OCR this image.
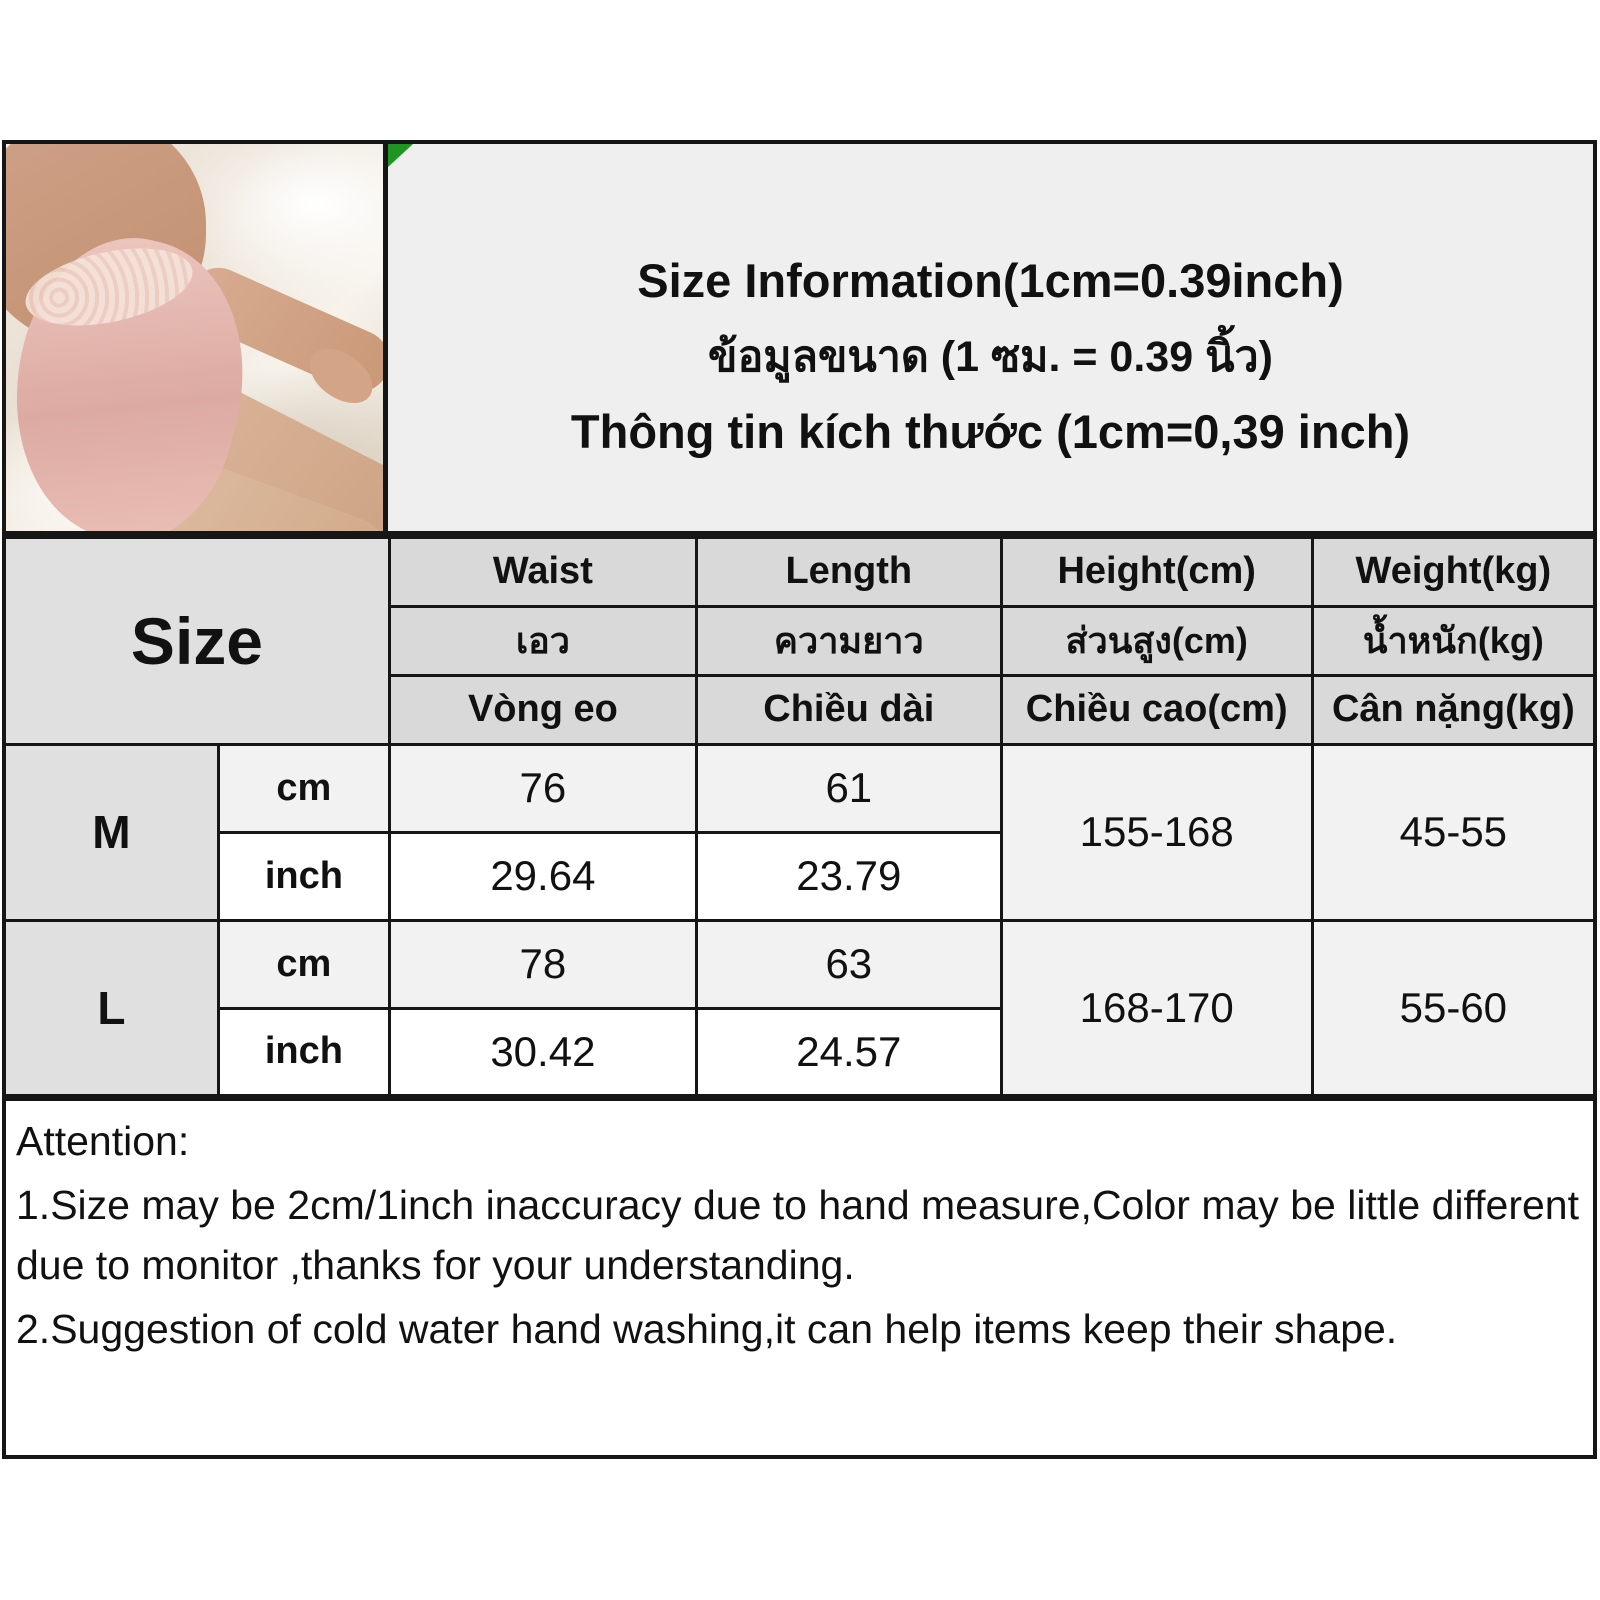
Size Information(1cm=0.39inch)
ข้อมูลขนาด (1 ซม. = 0.39 นิ้ว)
Thông tin kích thước (1cm=0,39 inch)
Size		Waist	Length	Height(cm)	Weight(kg)
		เอว	ความยาว	ส่วนสูง(cm)	น้ำหนัก(kg)
		Vòng eo	Chiều dài	Chiều cao(cm)	Cân nặng(kg)
M	cm	76	61	155-168	45-55
	inch	29.64	23.79		
L	cm	78	63	168-170	55-60
	inch	30.42	24.57		

Attention:

1.Size may be 2cm/1inch inaccuracy due to hand measure,Color may be little different due to monitor ,thanks for your understanding.

2.Suggestion of cold water hand washing,it can help items keep their shape.
